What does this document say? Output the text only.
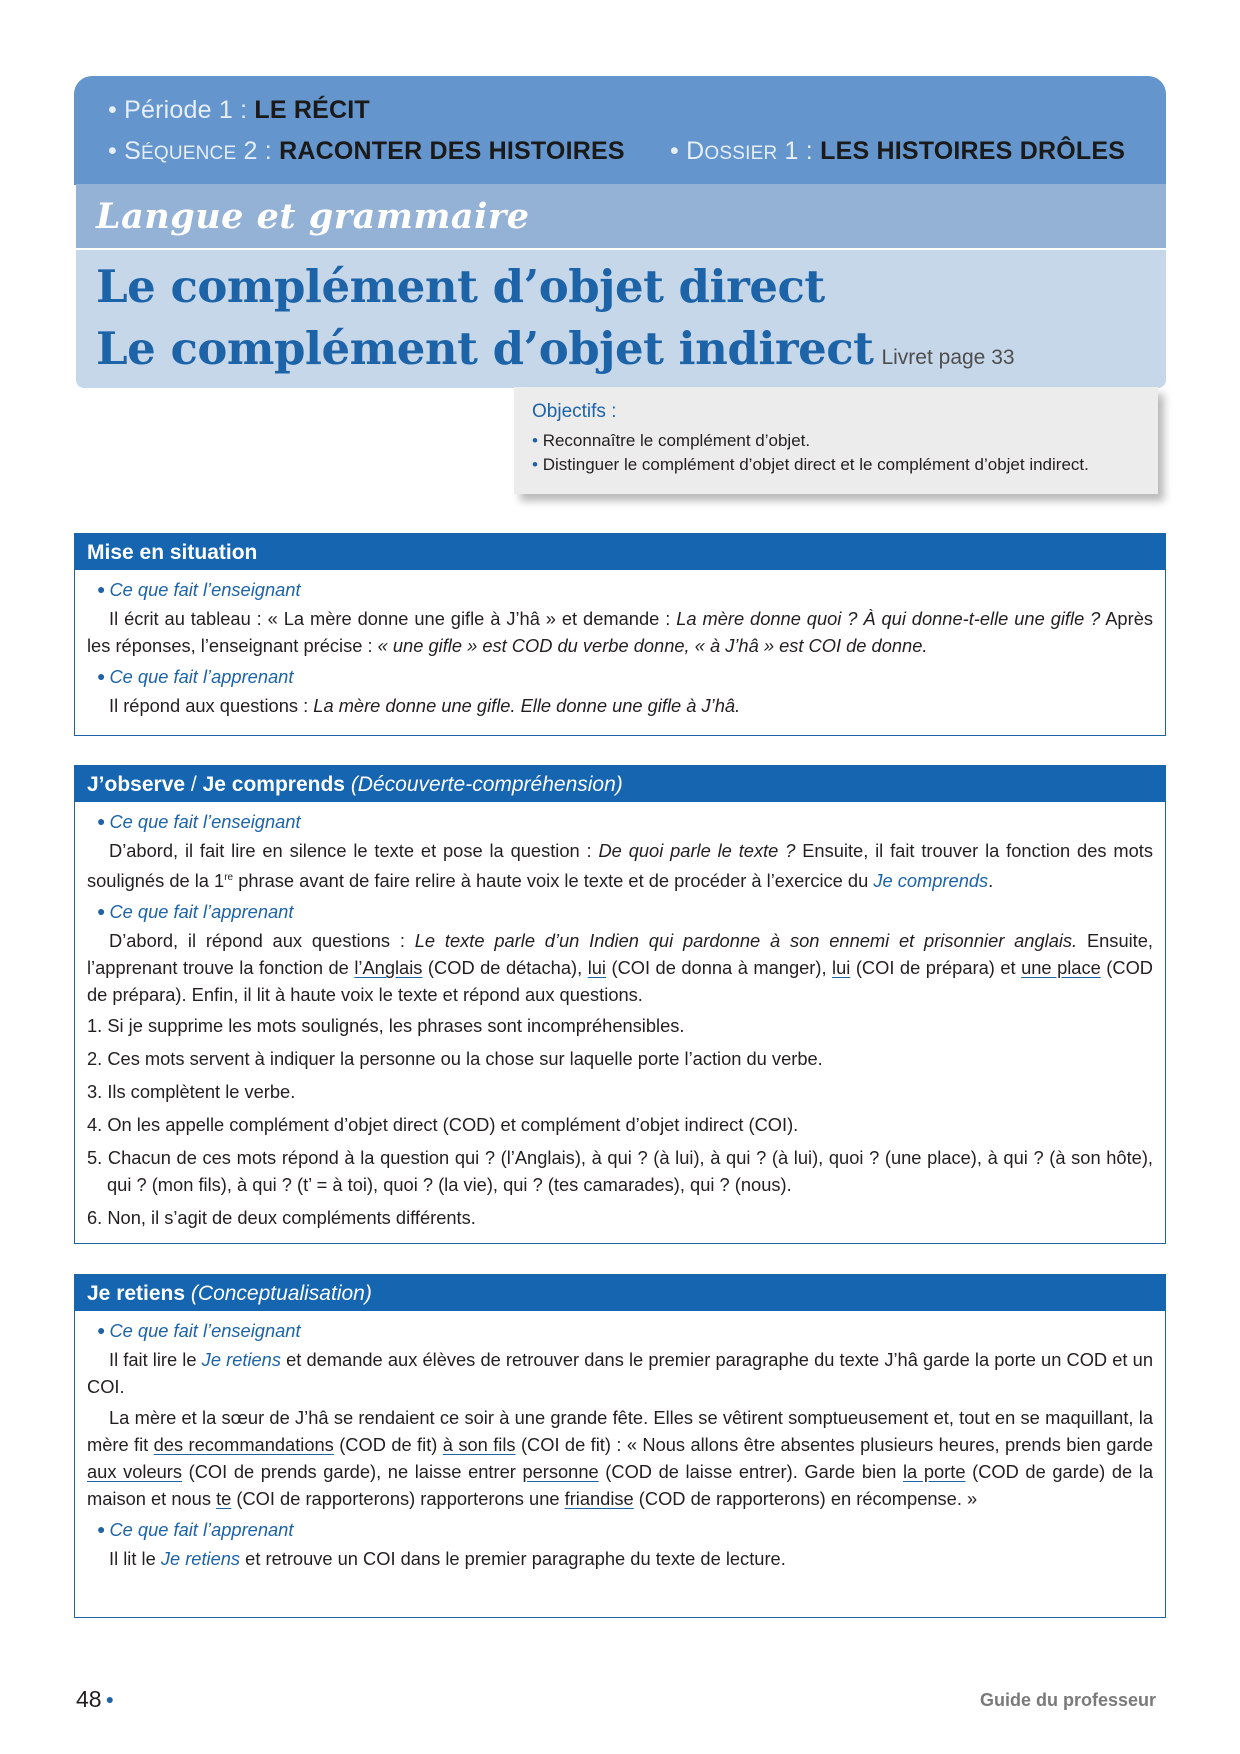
• Période 1 : LE RÉCIT
• SÉQUENCE 2 : RACONTER DES HISTOIRES • DOSSIER 1 : LES HISTOIRES DRÔLES
Langue et grammaire
Le complément d’objet direct
Le complément d’objet indirect Livret page 33
Objectifs :
• Reconnaître le complément d’objet.
• Distinguer le complément d’objet direct et le complément d’objet indirect.
Mise en situation

● Ce que fait l’enseignant

Il écrit au tableau : « La mère donne une gifle à J’hâ » et demande : La mère donne quoi ? À qui donne-t-elle une gifle ? Après les réponses, l’enseignant précise : « une gifle » est COD du verbe donne, « à J’hâ » est COI de donne.

● Ce que fait l’apprenant

Il répond aux questions : La mère donne une gifle. Elle donne une gifle à J’hâ.

J’observe / Je comprends (Découverte-compréhension)

● Ce que fait l’enseignant

D’abord, il fait lire en silence le texte et pose la question : De quoi parle le texte ? Ensuite, il fait trouver la fonction des mots soulignés de la 1re phrase avant de faire relire à haute voix le texte et de procéder à l’exercice du Je comprends.

● Ce que fait l’apprenant

D’abord, il répond aux questions : Le texte parle d’un Indien qui pardonne à son ennemi et prisonnier anglais. Ensuite, l’apprenant trouve la fonction de l’Anglais (COD de détacha), lui (COI de donna à manger), lui (COI de prépara) et une place (COD de prépara). Enfin, il lit à haute voix le texte et répond aux questions.

1. Si je supprime les mots soulignés, les phrases sont incompréhensibles.

2. Ces mots servent à indiquer la personne ou la chose sur laquelle porte l’action du verbe.

3. Ils complètent le verbe.

4. On les appelle complément d’objet direct (COD) et complément d’objet indirect (COI).

5. Chacun de ces mots répond à la question qui ? (l’Anglais), à qui ? (à lui), à qui ? (à lui), quoi ? (une place), à qui ? (à son hôte), qui ? (mon fils), à qui ? (t’ = à toi), quoi ? (la vie), qui ? (tes camarades), qui ? (nous).

6. Non, il s’agit de deux compléments différents.

Je retiens (Conceptualisation)

● Ce que fait l’enseignant

Il fait lire le Je retiens et demande aux élèves de retrouver dans le premier paragraphe du texte J’hâ garde la porte un COD et un COI.

La mère et la sœur de J’hâ se rendaient ce soir à une grande fête. Elles se vêtirent somptueusement et, tout en se maquillant, la mère fit des recommandations (COD de fit) à son fils (COI de fit) : « Nous allons être absentes plusieurs heures, prends bien garde aux voleurs (COI de prends garde), ne laisse entrer personne (COD de laisse entrer). Garde bien la porte (COD de garde) de la maison et nous te (COI de rapporterons) rapporterons une friandise (COD de rapporterons) en récompense. »

● Ce que fait l’apprenant

Il lit le Je retiens et retrouve un COI dans le premier paragraphe du texte de lecture.

48 ●	Guide du professeur
